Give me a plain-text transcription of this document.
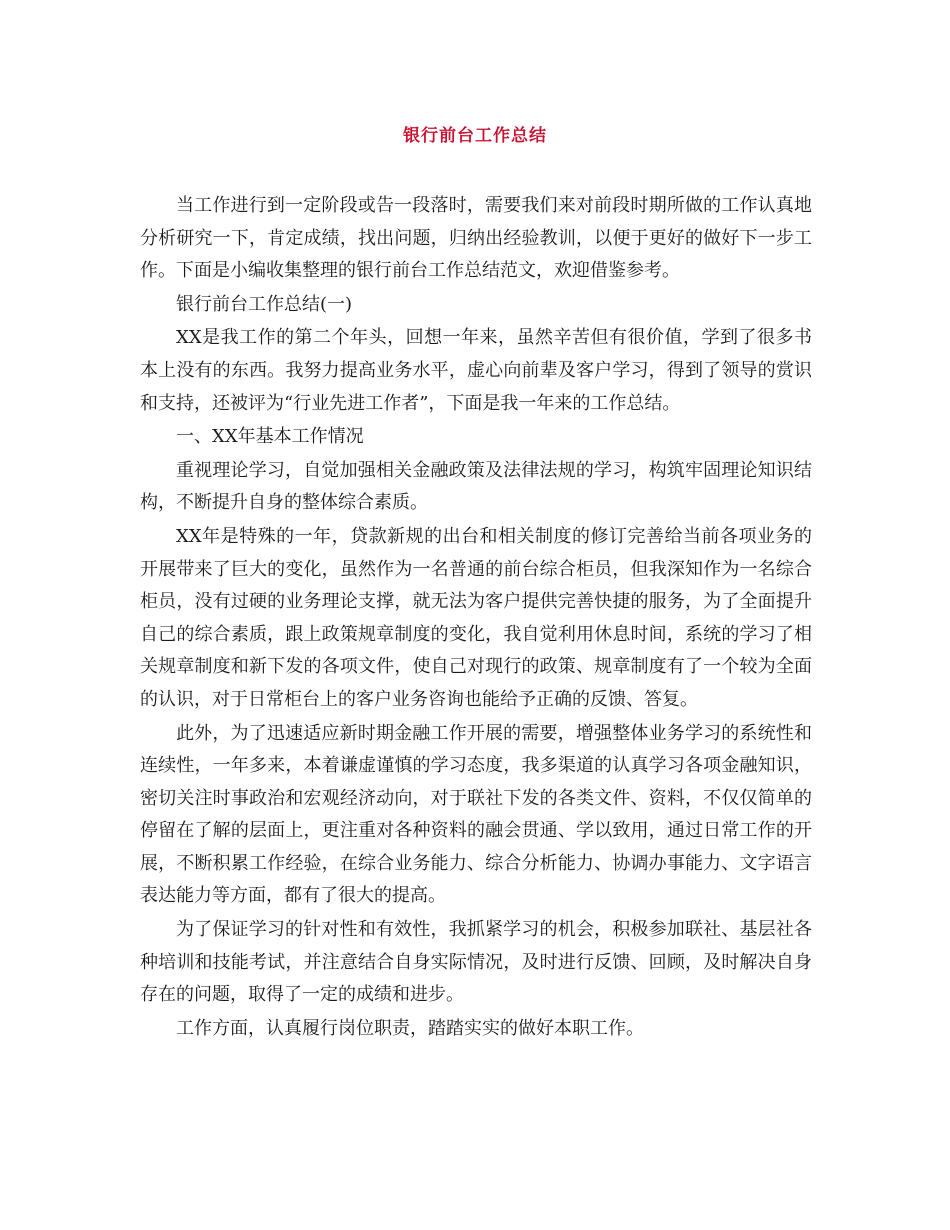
银行前台工作总结

当工作进行到一定阶段或告一段落时，需要我们来对前段时期所做的工作认真地分析研究一下，肯定成绩，找出问题，归纳出经验教训，以便于更好的做好下一步工作。下面是小编收集整理的银行前台工作总结范文，欢迎借鉴参考。

银行前台工作总结(一)

XX是我工作的第二个年头，回想一年来，虽然辛苦但有很价值，学到了很多书本上没有的东西。我努力提高业务水平，虚心向前辈及客户学习，得到了领导的赏识和支持，还被评为“行业先进工作者”，下面是我一年来的工作总结。

一、XX年基本工作情况

重视理论学习，自觉加强相关金融政策及法律法规的学习，构筑牢固理论知识结构，不断提升自身的整体综合素质。

XX年是特殊的一年，贷款新规的出台和相关制度的修订完善给当前各项业务的开展带来了巨大的变化，虽然作为一名普通的前台综合柜员，但我深知作为一名综合柜员，没有过硬的业务理论支撑，就无法为客户提供完善快捷的服务，为了全面提升自己的综合素质，跟上政策规章制度的变化，我自觉利用休息时间，系统的学习了相关规章制度和新下发的各项文件，使自己对现行的政策、规章制度有了一个较为全面的认识，对于日常柜台上的客户业务咨询也能给予正确的反馈、答复。

此外，为了迅速适应新时期金融工作开展的需要，增强整体业务学习的系统性和连续性，一年多来，本着谦虚谨慎的学习态度，我多渠道的认真学习各项金融知识，密切关注时事政治和宏观经济动向，对于联社下发的各类文件、资料，不仅仅简单的停留在了解的层面上，更注重对各种资料的融会贯通、学以致用，通过日常工作的开展，不断积累工作经验，在综合业务能力、综合分析能力、协调办事能力、文字语言表达能力等方面，都有了很大的提高。

为了保证学习的针对性和有效性，我抓紧学习的机会，积极参加联社、基层社各种培训和技能考试，并注意结合自身实际情况，及时进行反馈、回顾，及时解决自身存在的问题，取得了一定的成绩和进步。

工作方面，认真履行岗位职责，踏踏实实的做好本职工作。
